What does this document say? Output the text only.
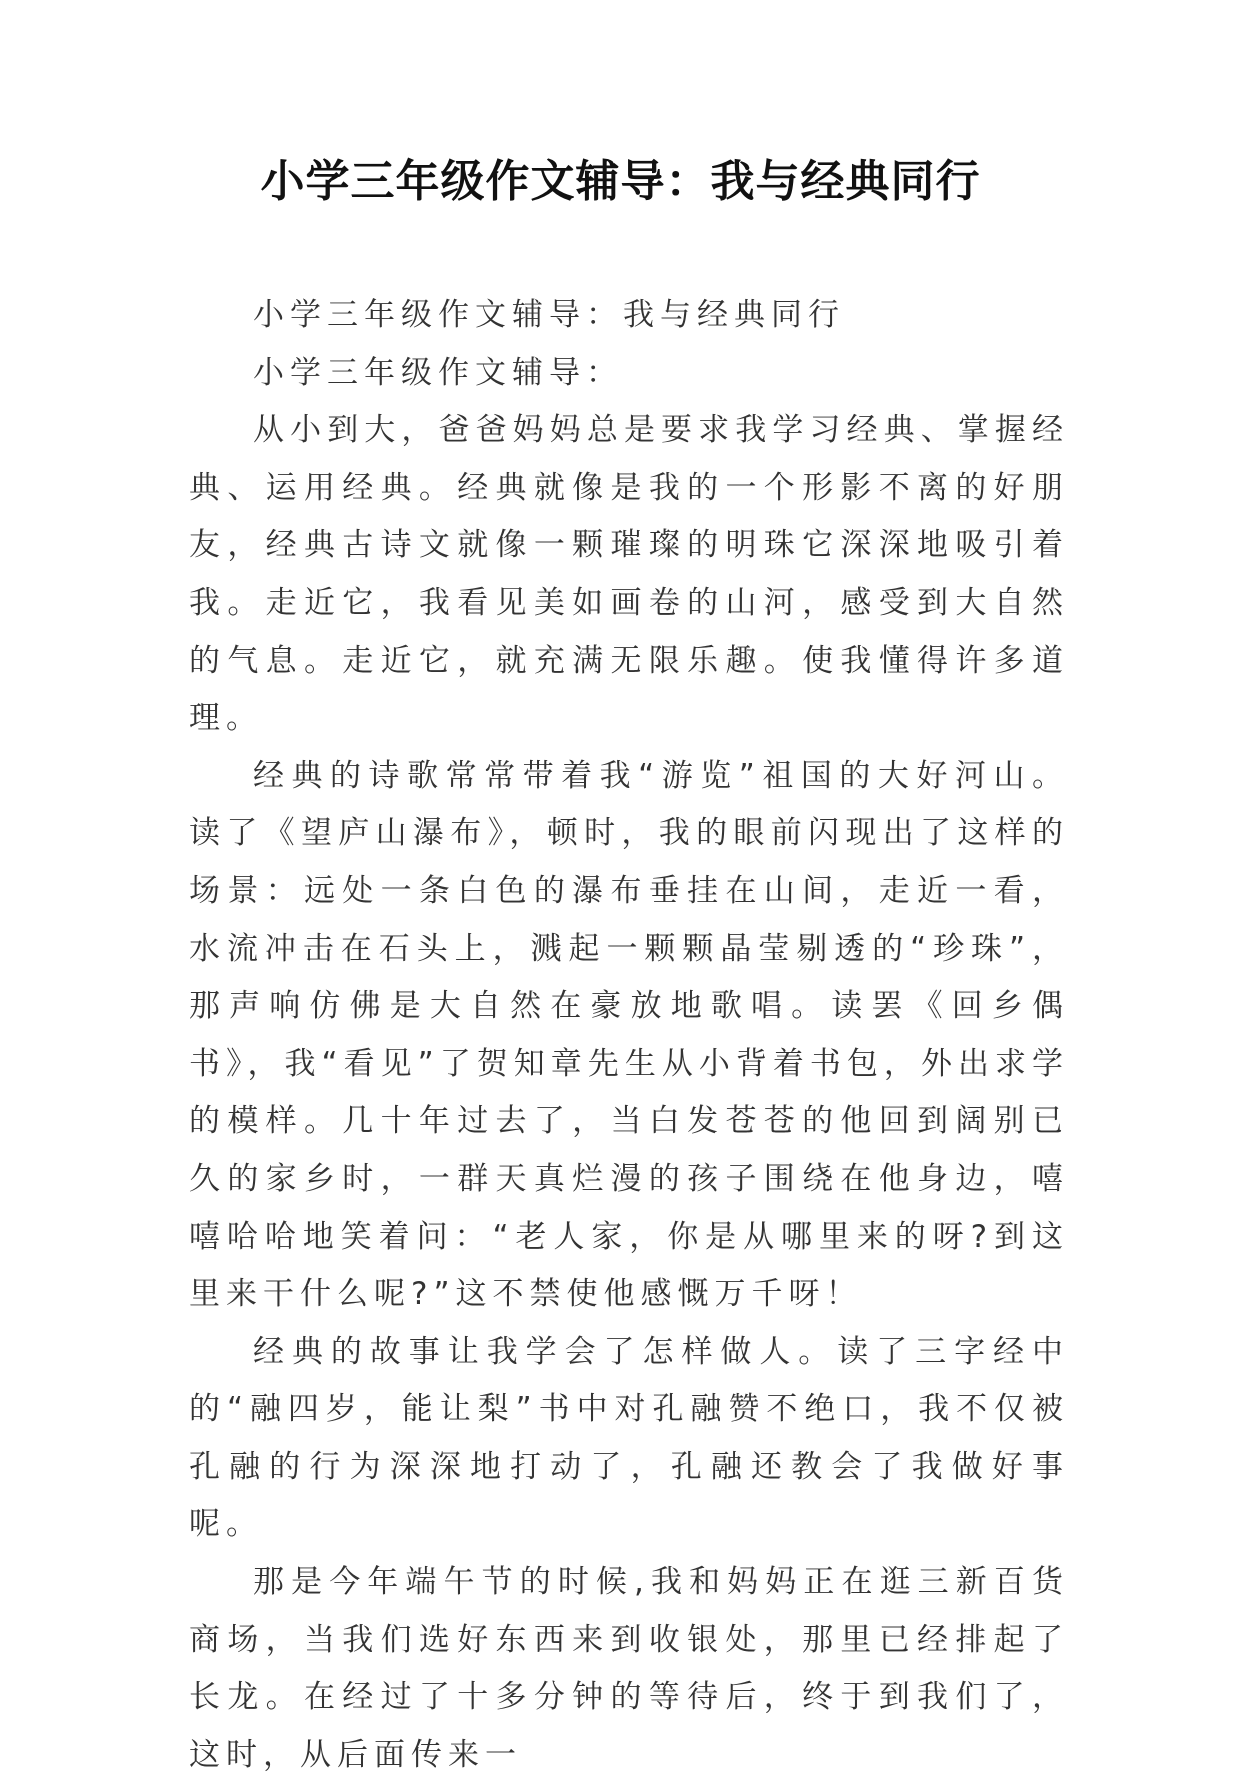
小学三年级作文辅导：我与经典同行

小学三年级作文辅导：我与经典同行

小学三年级作文辅导：

从小到大，爸爸妈妈总是要求我学习经典、掌握经典、运用经典。经典就像是我的一个形影不离的好朋友，经典古诗文就像一颗璀璨的明珠它深深地吸引着我。走近它，我看见美如画卷的山河，感受到大自然的气息。走近它，就充满无限乐趣。使我懂得许多道理。

经典的诗歌常常带着我“游览”祖国的大好河山。读了《望庐山瀑布》，顿时，我的眼前闪现出了这样的场景：远处一条白色的瀑布垂挂在山间，走近一看，水流冲击在石头上，溅起一颗颗晶莹剔透的“珍珠”，那声响仿佛是大自然在豪放地歌唱。读罢《回乡偶书》，我“看见”了贺知章先生从小背着书包，外出求学的模样。几十年过去了，当白发苍苍的他回到阔别已久的家乡时，一群天真烂漫的孩子围绕在他身边，嘻嘻哈哈地笑着问：“老人家，你是从哪里来的呀?到这里来干什么呢?”这不禁使他感慨万千呀！

经典的故事让我学会了怎样做人。读了三字经中的“融四岁，能让梨”书中对孔融赞不绝口，我不仅被孔融的行为深深地打动了，孔融还教会了我做好事呢。

那是今年端午节的时候,我和妈妈正在逛三新百货商场，当我们选好东西来到收银处，那里已经排起了长龙。在经过了十多分钟的等待后，终于到我们了，这时，从后面传来一
